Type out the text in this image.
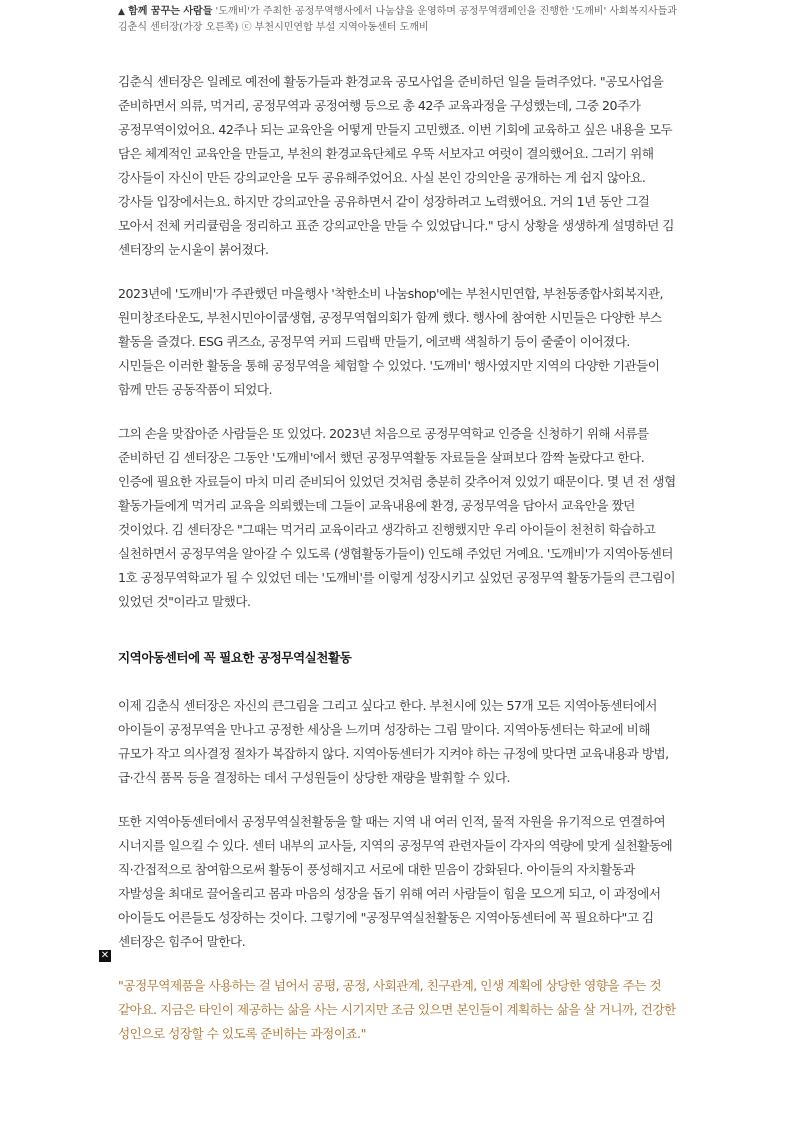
▲ 함께 꿈꾸는 사람들 '도깨비'가 주최한 공정무역행사에서 나눔샵을 운영하며 공정무역캠페인을 진행한 '도깨비' 사회복지사들과 김춘식 센터장(가장 오른쪽) ⓒ 부천시민연합 부설 지역아동센터 도깨비

김춘식 센터장은 일례로 예전에 활동가들과 환경교육 공모사업을 준비하던 일을 들려주었다. "공모사업을 준비하면서 의류, 먹거리, 공정무역과 공정여행 등으로 총 42주 교육과정을 구성했는데, 그중 20주가 공정무역이었어요. 42주나 되는 교육안을 어떻게 만들지 고민했죠. 이번 기회에 교육하고 싶은 내용을 모두 담은 체계적인 교육안을 만들고, 부천의 환경교육단체로 우뚝 서보자고 여럿이 결의했어요. 그러기 위해 강사들이 자신이 만든 강의교안을 모두 공유해주었어요. 사실 본인 강의안을 공개하는 게 쉽지 않아요. 강사들 입장에서는요. 하지만 강의교안을 공유하면서 같이 성장하려고 노력했어요. 거의 1년 동안 그걸 모아서 전체 커리큘럼을 정리하고 표준 강의교안을 만들 수 있었답니다." 당시 상황을 생생하게 설명하던 김 센터장의 눈시울이 붉어졌다.

2023년에 '도깨비'가 주관했던 마을행사 '착한소비 나눔shop'에는 부천시민연합, 부천동종합사회복지관, 원미창조타운도, 부천시민아이쿱생협, 공정무역협의회가 함께 했다. 행사에 참여한 시민들은 다양한 부스 활동을 즐겼다. ESG 퀴즈쇼, 공정무역 커피 드립백 만들기, 에코백 색칠하기 등이 줄줄이 이어졌다. 시민들은 이러한 활동을 통해 공정무역을 체험할 수 있었다. '도깨비' 행사였지만 지역의 다양한 기관들이 함께 만든 공동작품이 되었다.

그의 손을 맞잡아준 사람들은 또 있었다. 2023년 처음으로 공정무역학교 인증을 신청하기 위해 서류를 준비하던 김 센터장은 그동안 '도깨비'에서 했던 공정무역활동 자료들을 살펴보다 깜짝 놀랐다고 한다. 인증에 필요한 자료들이 마치 미리 준비되어 있었던 것처럼 충분히 갖추어져 있었기 때문이다. 몇 년 전 생협 활동가들에게 먹거리 교육을 의뢰했는데 그들이 교육내용에 환경, 공정무역을 담아서 교육안을 짰던 것이었다. 김 센터장은 "그때는 먹거리 교육이라고 생각하고 진행했지만 우리 아이들이 천천히 학습하고 실천하면서 공정무역을 알아갈 수 있도록 (생협활동가들이) 인도해 주었던 거예요. '도깨비'가 지역아동센터 1호 공정무역학교가 될 수 있었던 데는 '도깨비'를 이렇게 성장시키고 싶었던 공정무역 활동가들의 큰그림이 있었던 것"이라고 말했다.

지역아동센터에 꼭 필요한 공정무역실천활동

이제 김춘식 센터장은 자신의 큰그림을 그리고 싶다고 한다. 부천시에 있는 57개 모든 지역아동센터에서 아이들이 공정무역을 만나고 공정한 세상을 느끼며 성장하는 그림 말이다. 지역아동센터는 학교에 비해 규모가 작고 의사결정 절차가 복잡하지 않다. 지역아동센터가 지켜야 하는 규정에 맞다면 교육내용과 방법, 급·간식 품목 등을 결정하는 데서 구성원들이 상당한 재량을 발휘할 수 있다.

또한 지역아동센터에서 공정무역실천활동을 할 때는 지역 내 여러 인적, 물적 자원을 유기적으로 연결하여 시너지를 일으킬 수 있다. 센터 내부의 교사들, 지역의 공정무역 관련자들이 각자의 역량에 맞게 실천활동에 직·간접적으로 참여함으로써 활동이 풍성해지고 서로에 대한 믿음이 강화된다. 아이들의 자치활동과 자발성을 최대로 끌어올리고 몸과 마음의 성장을 돕기 위해 여러 사람들이 힘을 모으게 되고, 이 과정에서 아이들도 어른들도 성장하는 것이다. 그렇기에 "공정무역실천활동은 지역아동센터에 꼭 필요하다"고 김 센터장은 힘주어 말한다.

"공정무역제품을 사용하는 걸 넘어서 공평, 공정, 사회관계, 친구관계, 인생 계획에 상당한 영향을 주는 것 같아요. 지금은 타인이 제공하는 삶을 사는 시기지만 조금 있으면 본인들이 계획하는 삶을 살 거니까, 건강한 성인으로 성장할 수 있도록 준비하는 과정이죠."

✕
